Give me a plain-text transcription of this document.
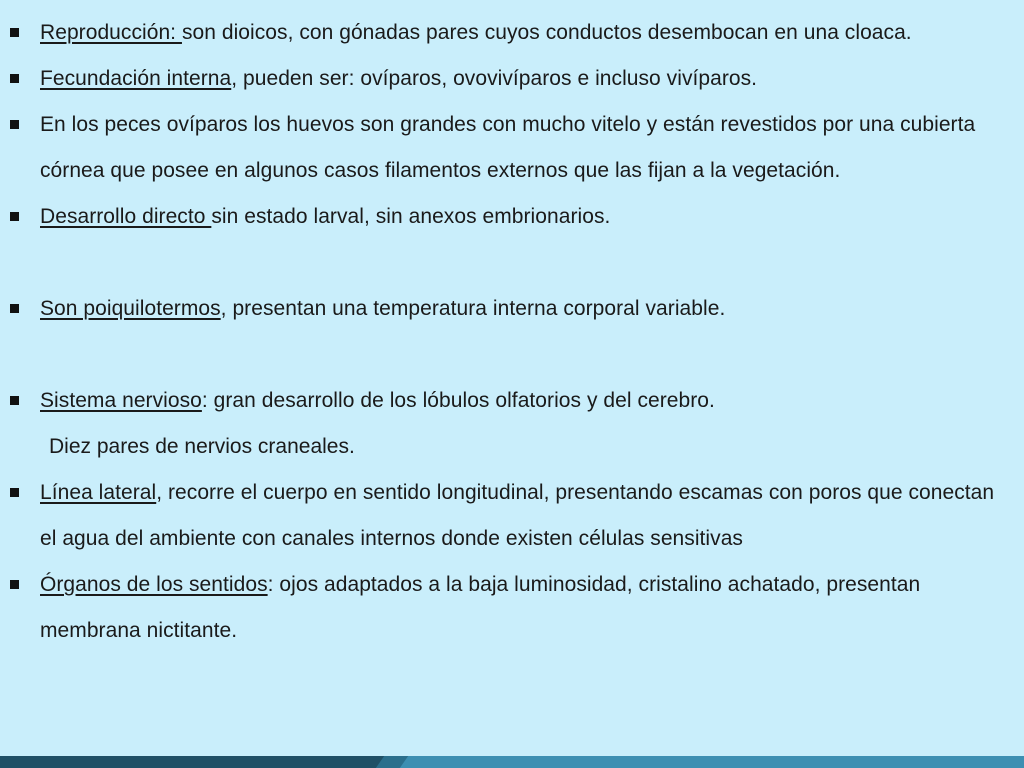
Reproducción: son dioicos, con gónadas pares cuyos conductos desembocan en una cloaca.
Fecundación interna, pueden ser: ovíparos, ovovivíparos e incluso vivíparos.
En los peces ovíparos los huevos son grandes con mucho vitelo y están revestidos por una cubierta córnea que posee en algunos casos filamentos externos que las fijan a la vegetación.
Desarrollo directo sin estado larval, sin anexos embrionarios.
Son poiquilotermos, presentan una temperatura interna corporal variable.
Sistema nervioso: gran desarrollo de los lóbulos olfatorios y del cerebro.
Diez pares de nervios craneales.
Línea lateral, recorre el cuerpo en sentido longitudinal, presentando escamas con poros que conectan el agua del ambiente con canales internos donde existen células sensitivas
Órganos de los sentidos: ojos adaptados a la baja luminosidad, cristalino achatado, presentan membrana nictitante.
